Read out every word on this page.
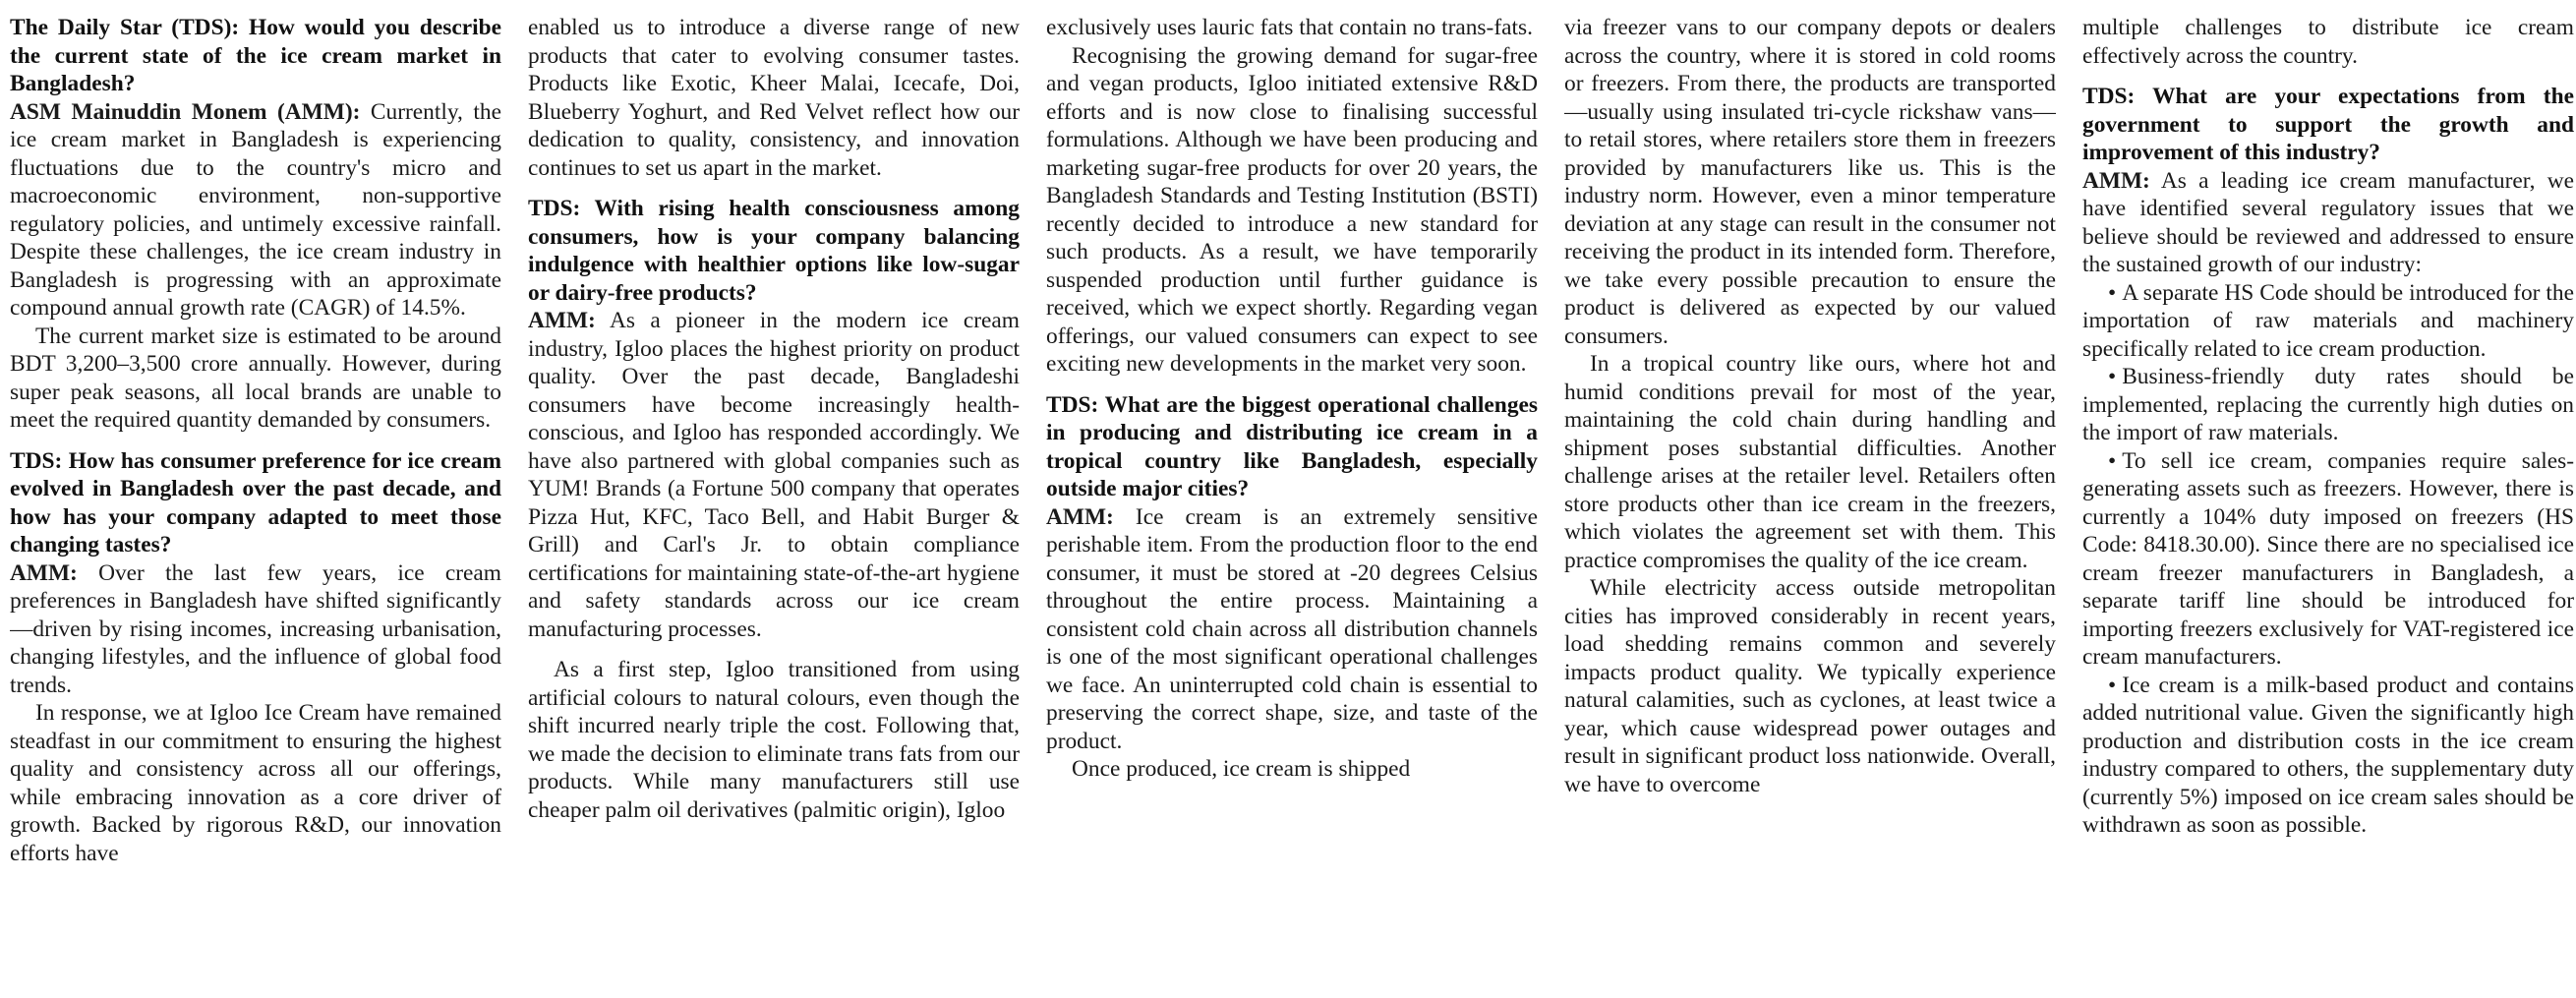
The Daily Star (TDS): How would you describe the current state of the ice cream market in Bangladesh?

ASM Mainuddin Monem (AMM): Currently, the ice cream market in Bangladesh is experiencing fluctuations due to the country's micro and macroeconomic environment, non-supportive regulatory policies, and untimely excessive rainfall. Despite these challenges, the ice cream industry in Bangladesh is progressing with an approximate compound annual growth rate (CAGR) of 14.5%.

The current market size is estimated to be around BDT 3,200–3,500 crore annually. However, during super peak seasons, all local brands are unable to meet the required quantity demanded by consumers.

TDS: How has consumer preference for ice cream evolved in Bangladesh over the past decade, and how has your company adapted to meet those changing tastes?

AMM: Over the last few years, ice cream preferences in Bangladesh have shifted significantly—driven by rising incomes, increasing urbanisation, changing lifestyles, and the influence of global food trends.

In response, we at Igloo Ice Cream have remained steadfast in our commitment to ensuring the highest quality and consistency across all our offerings, while embracing innovation as a core driver of growth. Backed by rigorous R&D, our innovation efforts have

enabled us to introduce a diverse range of new products that cater to evolving consumer tastes. Products like Exotic, Kheer Malai, Icecafe, Doi, Blueberry Yoghurt, and Red Velvet reflect how our dedication to quality, consistency, and innovation continues to set us apart in the market.

TDS: With rising health consciousness among consumers, how is your company balancing indulgence with healthier options like low-sugar or dairy-free products?

AMM: As a pioneer in the modern ice cream industry, Igloo places the highest priority on product quality. Over the past decade, Bangladeshi consumers have become increasingly health-conscious, and Igloo has responded accordingly. We have also partnered with global companies such as YUM! Brands (a Fortune 500 company that operates Pizza Hut, KFC, Taco Bell, and Habit Burger & Grill) and Carl's Jr. to obtain compliance certifications for maintaining state-of-the-art hygiene and safety standards across our ice cream manufacturing processes.

As a first step, Igloo transitioned from using artificial colours to natural colours, even though the shift incurred nearly triple the cost. Following that, we made the decision to eliminate trans fats from our products. While many manufacturers still use cheaper palm oil derivatives (palmitic origin), Igloo

exclusively uses lauric fats that contain no trans-fats.

Recognising the growing demand for sugar-free and vegan products, Igloo initiated extensive R&D efforts and is now close to finalising successful formulations. Although we have been producing and marketing sugar-free products for over 20 years, the Bangladesh Standards and Testing Institution (BSTI) recently decided to introduce a new standard for such products. As a result, we have temporarily suspended production until further guidance is received, which we expect shortly. Regarding vegan offerings, our valued consumers can expect to see exciting new developments in the market very soon.

TDS: What are the biggest operational challenges in producing and distributing ice cream in a tropical country like Bangladesh, especially outside major cities?

AMM: Ice cream is an extremely sensitive perishable item. From the production floor to the end consumer, it must be stored at -20 degrees Celsius throughout the entire process. Maintaining a consistent cold chain across all distribution channels is one of the most significant operational challenges we face. An uninterrupted cold chain is essential to preserving the correct shape, size, and taste of the product.

Once produced, ice cream is shipped

via freezer vans to our company depots or dealers across the country, where it is stored in cold rooms or freezers. From there, the products are transported—usually using insulated tri-cycle rickshaw vans—to retail stores, where retailers store them in freezers provided by manufacturers like us. This is the industry norm. However, even a minor temperature deviation at any stage can result in the consumer not receiving the product in its intended form. Therefore, we take every possible precaution to ensure the product is delivered as expected by our valued consumers.

In a tropical country like ours, where hot and humid conditions prevail for most of the year, maintaining the cold chain during handling and shipment poses substantial difficulties. Another challenge arises at the retailer level. Retailers often store products other than ice cream in the freezers, which violates the agreement set with them. This practice compromises the quality of the ice cream.

While electricity access outside metropolitan cities has improved considerably in recent years, load shedding remains common and severely impacts product quality. We typically experience natural calamities, such as cyclones, at least twice a year, which cause widespread power outages and result in significant product loss nationwide. Overall, we have to overcome

multiple challenges to distribute ice cream effectively across the country.

TDS: What are your expectations from the government to support the growth and improvement of this industry?

AMM: As a leading ice cream manufacturer, we have identified several regulatory issues that we believe should be reviewed and addressed to ensure the sustained growth of our industry:

• A separate HS Code should be introduced for the importation of raw materials and machinery specifically related to ice cream production.

• Business-friendly duty rates should be implemented, replacing the currently high duties on the import of raw materials.

• To sell ice cream, companies require sales-generating assets such as freezers. However, there is currently a 104% duty imposed on freezers (HS Code: 8418.30.00). Since there are no specialised ice cream freezer manufacturers in Bangladesh, a separate tariff line should be introduced for importing freezers exclusively for VAT-registered ice cream manufacturers.

• Ice cream is a milk-based product and contains added nutritional value. Given the significantly high production and distribution costs in the ice cream industry compared to others, the supplementary duty (currently 5%) imposed on ice cream sales should be withdrawn as soon as possible.
